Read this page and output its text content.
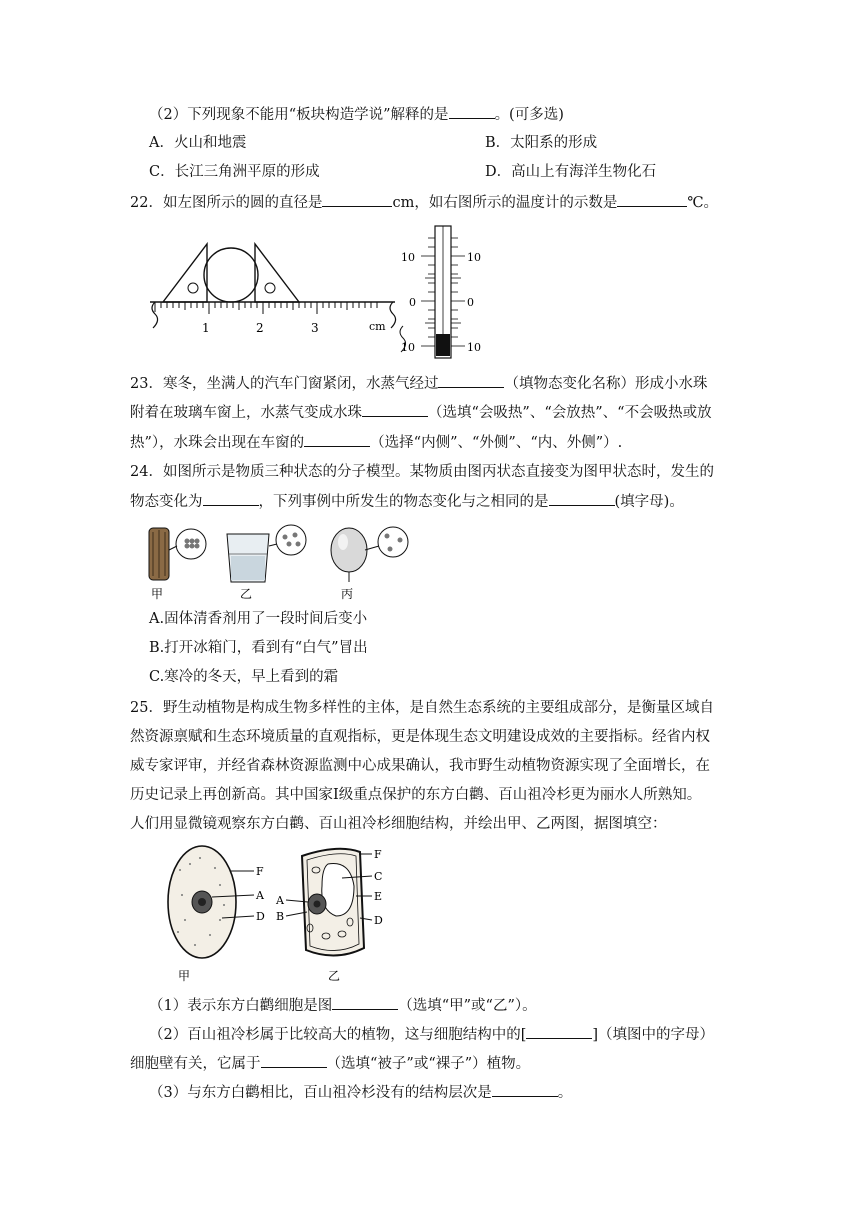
（2）下列现象不能用“板块构造学说”解释的是	。(可多选)
A．火山和地震	B．太阳系的形成
C．长江三角洲平原的形成	D．高山上有海洋生物化石
22．如左图所示的圆的直径是	cm，如右图所示的温度计的示数是	℃。
1	2	3	cm
10	10
0	0
10	10
23．寒冬，坐满人的汽车门窗紧闭，水蒸气经过	（填物态变化名称）形成小水珠
附着在玻璃车窗上，水蒸气变成水珠	（选填“会吸热”、“会放热”、“不会吸热或放
热”），水珠会出现在车窗的	（选择“内侧”、“外侧”、“内、外侧”）.
24．如图所示是物质三种状态的分子模型。某物质由图丙状态直接变为图甲状态时，发生的
物态变化为	，下列事例中所发生的物态变化与之相同的是	(填字母)。
甲	乙	丙
A.固体清香剂用了一段时间后变小
B.打开冰箱门，看到有“白气”冒出
C.寒冷的冬天，早上看到的霜
25．野生动植物是构成生物多样性的主体，是自然生态系统的主要组成部分，是衡量区域自
然资源禀赋和生态环境质量的直观指标，更是体现生态文明建设成效的主要指标。经省内权
威专家评审，并经省森林资源监测中心成果确认，我市野生动植物资源实现了全面增长，在
历史记录上再创新高。其中国家Ⅰ级重点保护的东方白鹳、百山祖冷杉更为丽水人所熟知。
人们用显微镜观察东方白鹳、百山祖冷杉细胞结构，并绘出甲、乙两图，据图填空：
F
A
D
甲
F
C
E
D
A
B
乙
（1）表示东方白鹳细胞是图	（选填“甲”或“乙”）。
（2）百山祖冷杉属于比较高大的植物，这与细胞结构中的[	]（填图中的字母）
细胞壁有关，它属于	（选填“被子”或“裸子”）植物。
（3）与东方白鹳相比，百山祖冷杉没有的结构层次是	。
